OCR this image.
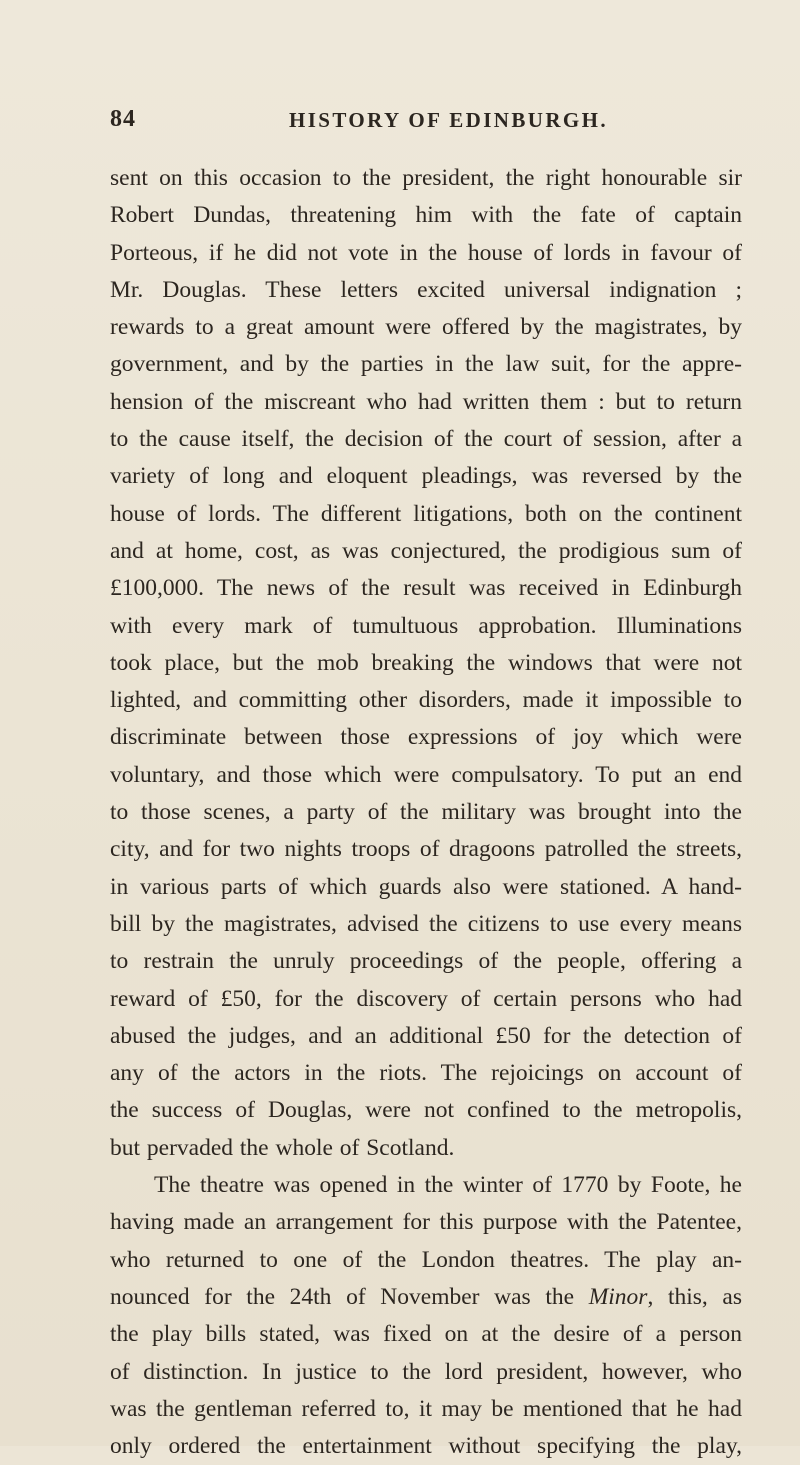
84	HISTORY OF EDINBURGH.
sent on this occasion to the president, the right honourable sir
Robert Dundas, threatening him with the fate of captain
Porteous, if he did not vote in the house of lords in favour of
Mr. Douglas. These letters excited universal indignation ;
rewards to a great amount were offered by the magistrates, by
government, and by the parties in the law suit, for the appre-
hension of the miscreant who had written them : but to return
to the cause itself, the decision of the court of session, after a
variety of long and eloquent pleadings, was reversed by the
house of lords. The different litigations, both on the continent
and at home, cost, as was conjectured, the prodigious sum of
£100,000. The news of the result was received in Edinburgh
with every mark of tumultuous approbation. Illuminations
took place, but the mob breaking the windows that were not
lighted, and committing other disorders, made it impossible to
discriminate between those expressions of joy which were
voluntary, and those which were compulsatory. To put an end
to those scenes, a party of the military was brought into the
city, and for two nights troops of dragoons patrolled the streets,
in various parts of which guards also were stationed. A hand-
bill by the magistrates, advised the citizens to use every means
to restrain the unruly proceedings of the people, offering a
reward of £50, for the discovery of certain persons who had
abused the judges, and an additional £50 for the detection of
any of the actors in the riots. The rejoicings on account of
the success of Douglas, were not confined to the metropolis,
but pervaded the whole of Scotland.
The theatre was opened in the winter of 1770 by Foote, he
having made an arrangement for this purpose with the Patentee,
who returned to one of the London theatres. The play an-
nounced for the 24th of November was the Minor, this, as
the play bills stated, was fixed on at the desire of a person
of distinction. In justice to the lord president, however, who
was the gentleman referred to, it may be mentioned that he had
only ordered the entertainment without specifying the play,
